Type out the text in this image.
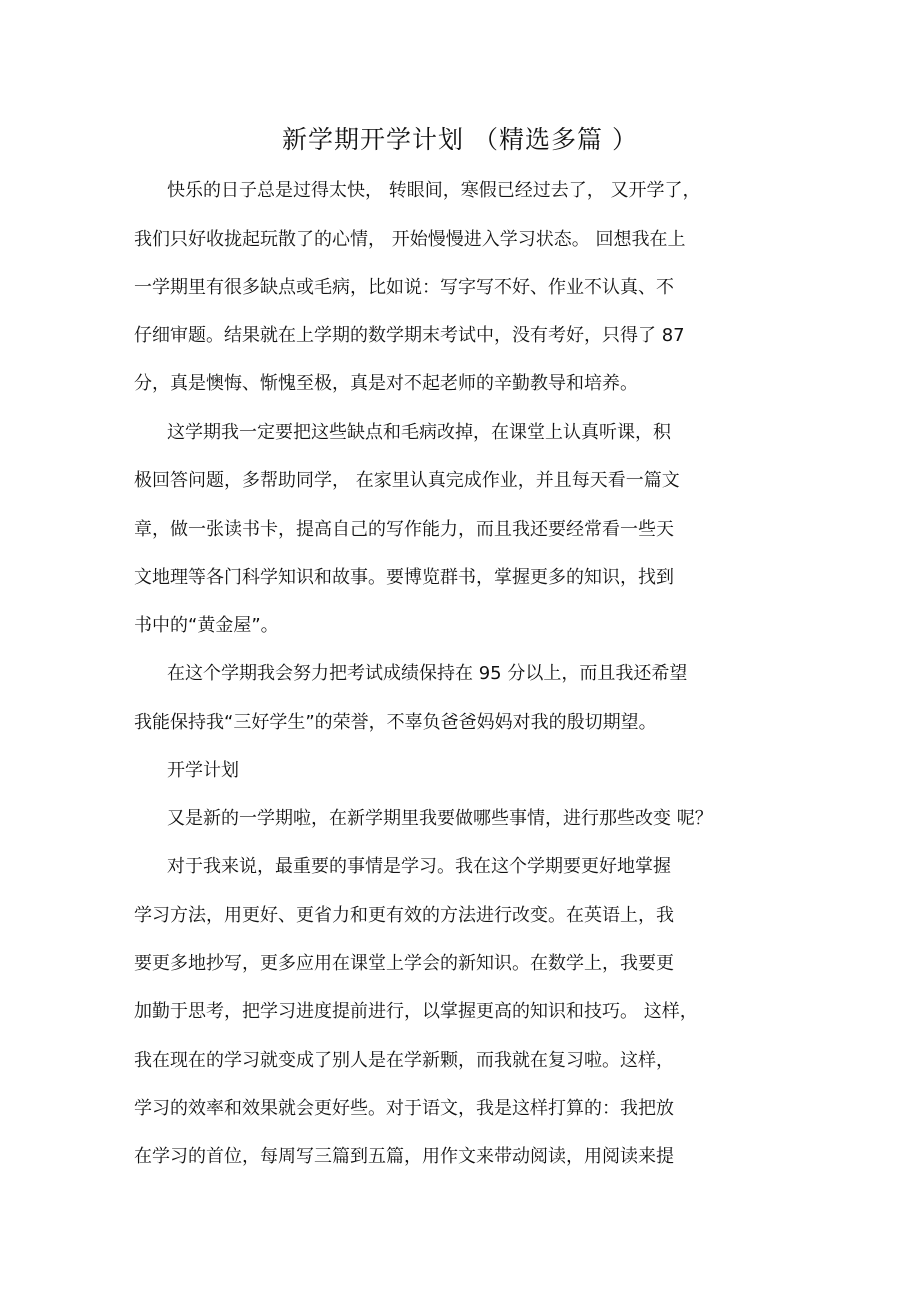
新学期开学计划 （精选多篇 ）
快乐的日子总是过得太快， 转眼间，寒假已经过去了， 又开学了，
我们只好收拢起玩散了的心情， 开始慢慢进入学习状态。 回想我在上
一学期里有很多缺点或毛病，比如说：写字写不好、作业不认真、不
仔细审题。结果就在上学期的数学期末考试中，没有考好，只得了 87
分，真是懊悔、惭愧至极，真是对不起老师的辛勤教导和培养。
这学期我一定要把这些缺点和毛病改掉，在课堂上认真听课，积
极回答问题，多帮助同学， 在家里认真完成作业，并且每天看一篇文
章，做一张读书卡，提高自己的写作能力，而且我还要经常看一些天
文地理等各门科学知识和故事。要博览群书，掌握更多的知识，找到
书中的“黄金屋”。
在这个学期我会努力把考试成绩保持在 95 分以上，而且我还希望
我能保持我“三好学生”的荣誉，不辜负爸爸妈妈对我的殷切期望。
开学计划
又是新的一学期啦，在新学期里我要做哪些事情，进行那些改变 呢？
对于我来说，最重要的事情是学习。我在这个学期要更好地掌握
学习方法，用更好、更省力和更有效的方法进行改变。在英语上，我
要更多地抄写，更多应用在课堂上学会的新知识。在数学上，我要更
加勤于思考，把学习进度提前进行，以掌握更高的知识和技巧。 这样，
我在现在的学习就变成了别人是在学新颗，而我就在复习啦。这样，
学习的效率和效果就会更好些。对于语文，我是这样打算的：我把放
在学习的首位，每周写三篇到五篇，用作文来带动阅读，用阅读来提
